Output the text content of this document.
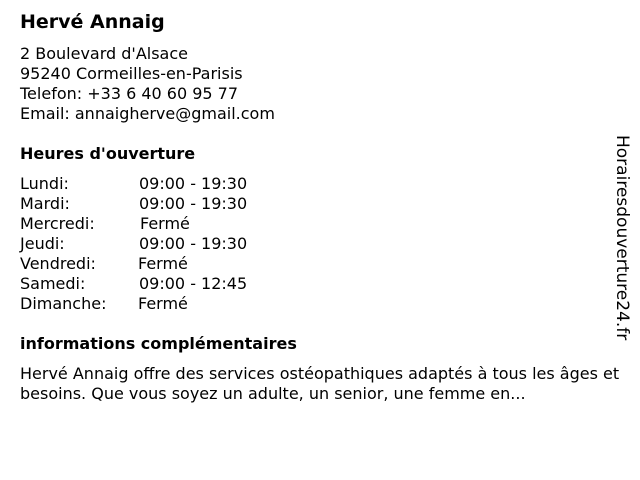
Hervé Annaig
2 Boulevard d'Alsace
95240 Cormeilles-en-Parisis
Telefon: +33 6 40 60 95 77
Email: annaigherve@gmail.com
Heures d'ouverture
Lundi:	09:00 - 19:30
Mardi:	09:00 - 19:30
Mercredi:	Fermé
Jeudi:	09:00 - 19:30
Vendredi:	Fermé
Samedi:	09:00 - 12:45
Dimanche: Fermé
informations complémentaires

Hervé Annaig offre des services ostéopathiques adaptés à tous les âges et besoins. Que vous soyez un adulte, un senior, une femme en...

Horairesdouverture24.fr
